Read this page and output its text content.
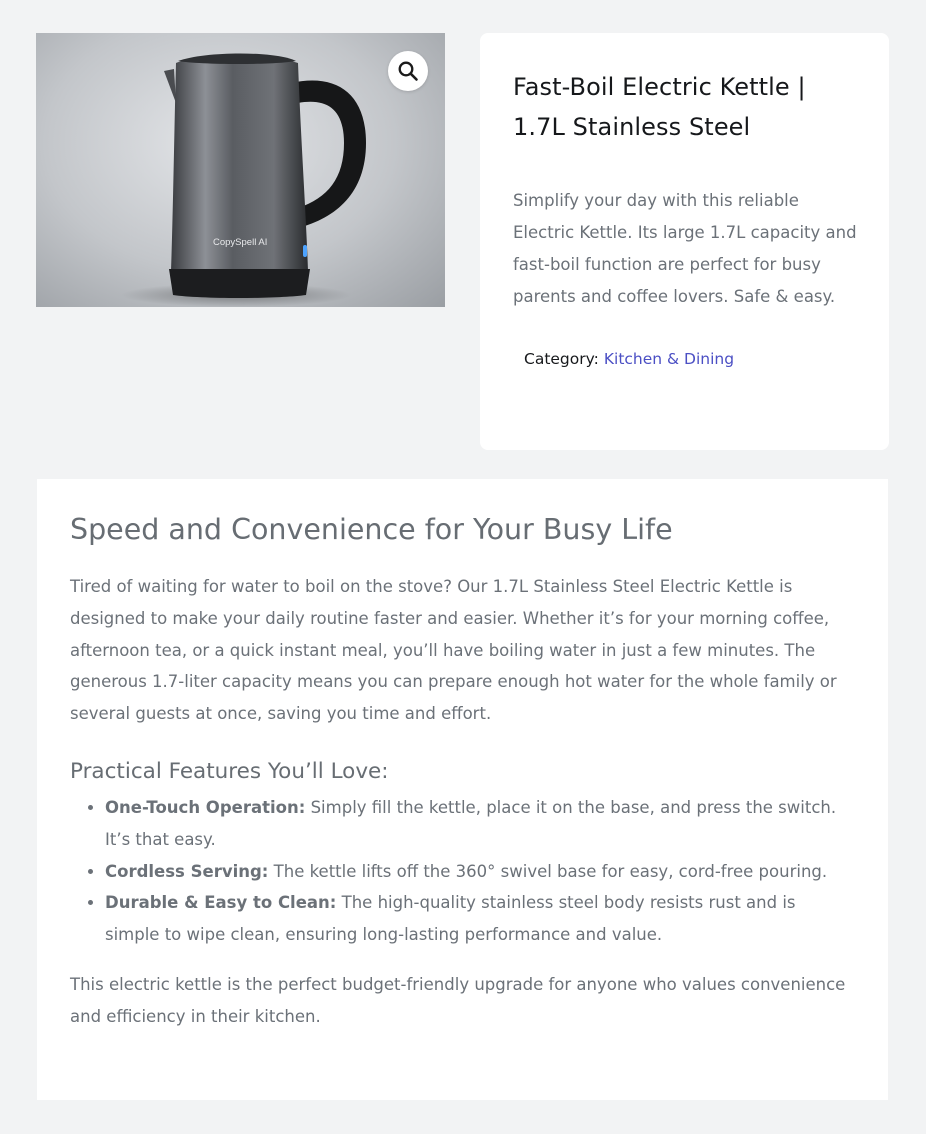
CopySpell AI
Fast-Boil Electric Kettle | 1.7L Stainless Steel

Simplify your day with this reliable Electric Kettle. Its large 1.7L capacity and fast-boil function are perfect for busy parents and coffee lovers. Safe & easy.

Category: Kitchen & Dining
Speed and Convenience for Your Busy Life

Tired of waiting for water to boil on the stove? Our 1.7L Stainless Steel Electric Kettle is designed to make your daily routine faster and easier. Whether it’s for your morning coffee, afternoon tea, or a quick instant meal, you’ll have boiling water in just a few minutes. The generous 1.7-liter capacity means you can prepare enough hot water for the whole family or several guests at once, saving you time and effort.

Practical Features You’ll Love:
• One-Touch Operation: Simply fill the kettle, place it on the base, and press the switch. It’s that easy.
• Cordless Serving: The kettle lifts off the 360° swivel base for easy, cord-free pouring.
• Durable & Easy to Clean: The high-quality stainless steel body resists rust and is simple to wipe clean, ensuring long-lasting performance and value.

This electric kettle is the perfect budget-friendly upgrade for anyone who values convenience and efficiency in their kitchen.
